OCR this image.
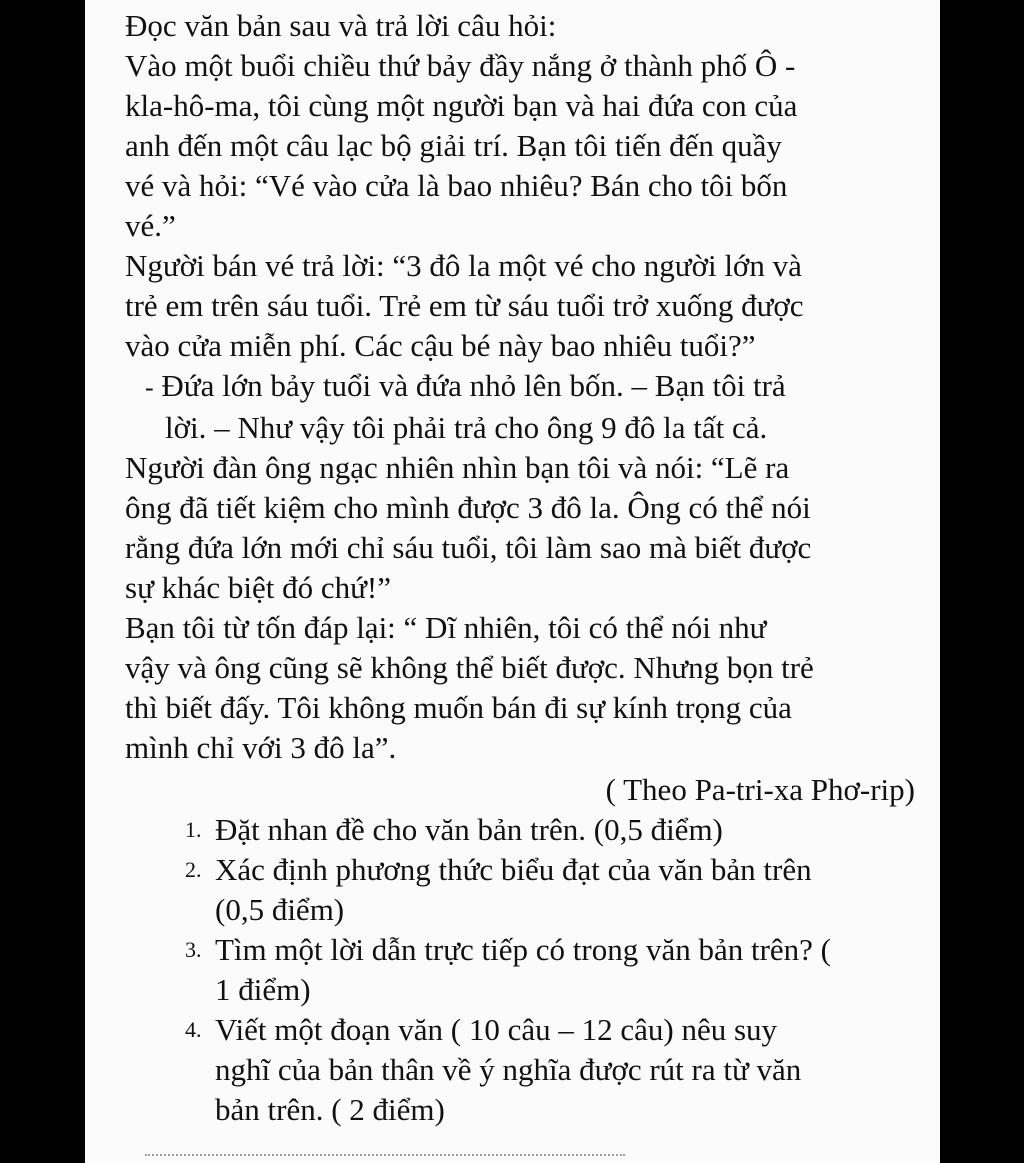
Đọc văn bản sau và trả lời câu hỏi:

Vào một buổi chiều thứ bảy đầy nắng ở thành phố Ô -

kla-hô-ma, tôi cùng một người bạn và hai đứa con của

anh đến một câu lạc bộ giải trí. Bạn tôi tiến đến quầy

vé và hỏi: “Vé vào cửa là bao nhiêu? Bán cho tôi bốn

vé.”

Người bán vé trả lời: “3 đô la một vé cho người lớn và

trẻ em trên sáu tuổi. Trẻ em từ sáu tuổi trở xuống được

vào cửa miễn phí. Các cậu bé này bao nhiêu tuổi?”

- Đứa lớn bảy tuổi và đứa nhỏ lên bốn. – Bạn tôi trả

lời. – Như vậy tôi phải trả cho ông 9 đô la tất cả.

Người đàn ông ngạc nhiên nhìn bạn tôi và nói: “Lẽ ra

ông đã tiết kiệm cho mình được 3 đô la. Ông có thể nói

rằng đứa lớn mới chỉ sáu tuổi, tôi làm sao mà biết được

sự khác biệt đó chứ!”

Bạn tôi từ tốn đáp lại: “ Dĩ nhiên, tôi có thể nói như

vậy và ông cũng sẽ không thể biết được. Nhưng bọn trẻ

thì biết đấy. Tôi không muốn bán đi sự kính trọng của

mình chỉ với 3 đô la”.

( Theo Pa-tri-xa Phơ-rip)

1. Đặt nhan đề cho văn bản trên. (0,5 điểm)
2. Xác định phương thức biểu đạt của văn bản trên
(0,5 điểm)
3. Tìm một lời dẫn trực tiếp có trong văn bản trên? (
1 điểm)
4. Viết một đoạn văn ( 10 câu – 12 câu) nêu suy
nghĩ của bản thân về ý nghĩa được rút ra từ văn
bản trên. ( 2 điểm)
